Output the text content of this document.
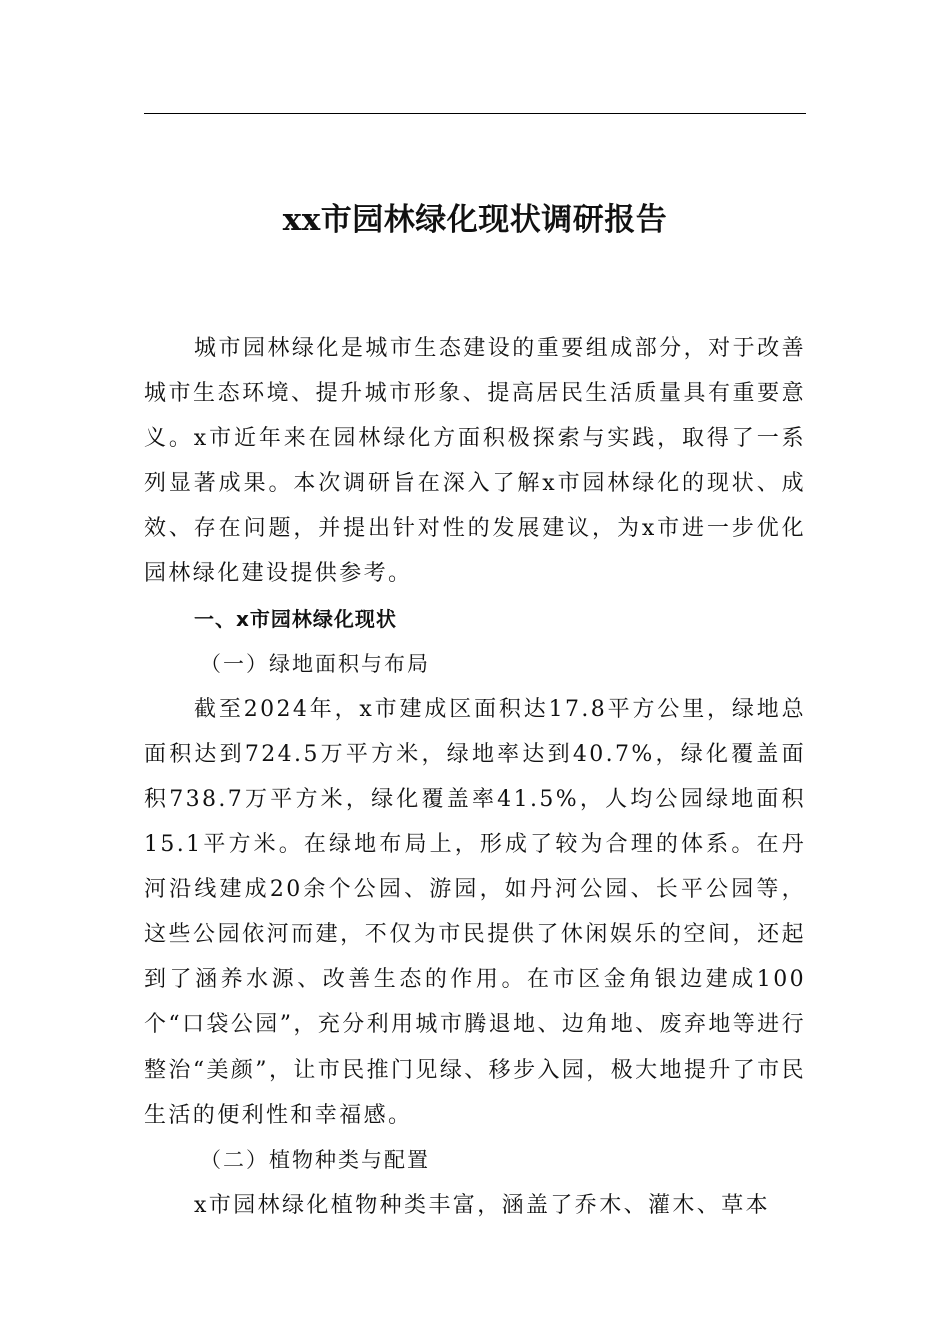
xx市园林绿化现状调研报告

城市园林绿化是城市生态建设的重要组成部分，对于改善城市生态环境、提升城市形象、提高居民生活质量具有重要意义。x市近年来在园林绿化方面积极探索与实践，取得了一系列显著成果。本次调研旨在深入了解x市园林绿化的现状、成效、存在问题，并提出针对性的发展建议，为x市进一步优化园林绿化建设提供参考。

一、x市园林绿化现状

（一）绿地面积与布局

截至2024年，x市建成区面积达17.8平方公里，绿地总面积达到724.5万平方米，绿地率达到40.7%，绿化覆盖面积738.7万平方米，绿化覆盖率41.5%，人均公园绿地面积15.1平方米。在绿地布局上，形成了较为合理的体系。在丹河沿线建成20余个公园、游园，如丹河公园、长平公园等，这些公园依河而建，不仅为市民提供了休闲娱乐的空间，还起到了涵养水源、改善生态的作用。在市区金角银边建成100个“口袋公园”，充分利用城市腾退地、边角地、废弃地等进行整治“美颜”，让市民推门见绿、移步入园，极大地提升了市民生活的便利性和幸福感。

（二）植物种类与配置

x市园林绿化植物种类丰富，涵盖了乔木、灌木、草本
